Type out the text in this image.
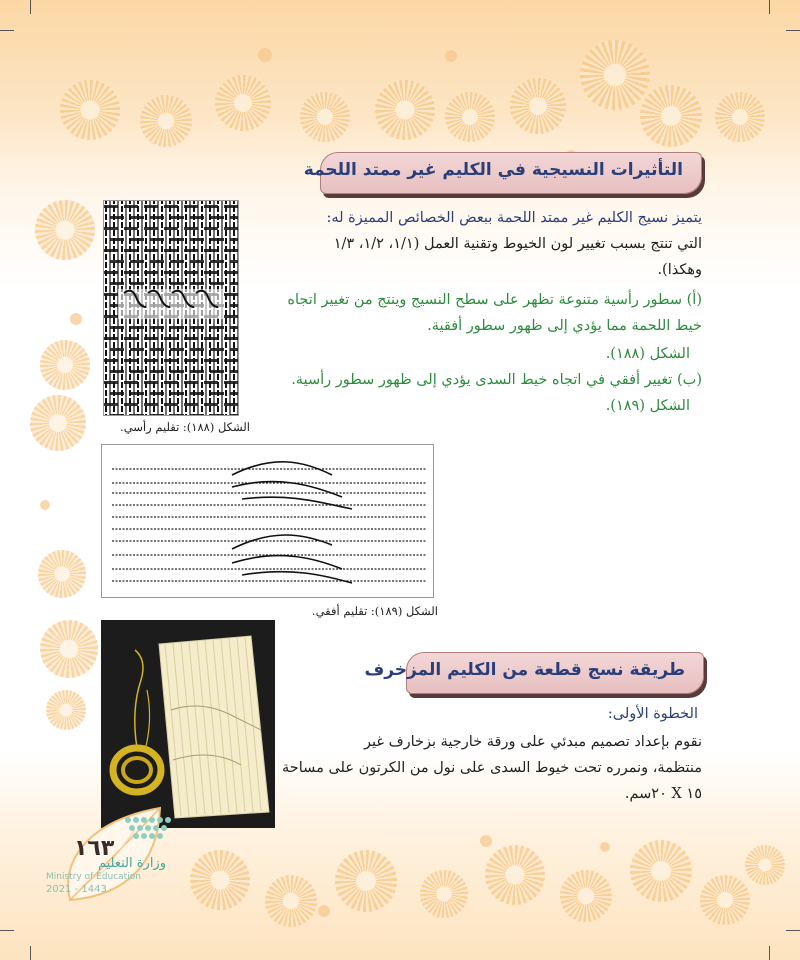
التأثيرات النسيجية في الكليم غير ممتد اللحمة
الشكل (١٨٨): تقليم رأسي.
يتميز نسيج الكليم غير ممتد اللحمة ببعض الخصائص المميزة له:
التي تنتج بسبب تغيير لون الخيوط وتقنية العمل (١/١، ١/٢، ١/٣
وهكذا).
(أ) سطور رأسية متنوعة تظهر على سطح النسيج وينتج من تغيير اتجاه
خيط اللحمة مما يؤدي إلى ظهور سطور أفقية.
الشكل (١٨٨).
(ب) تغيير أفقي في اتجاه خيط السدى يؤدي إلى ظهور سطور رأسية.
الشكل (١٨٩).
الشكل (١٨٩): تقليم أفقي.
طريقة نسج قطعة من الكليم المزخرف
الخطوة الأولى:
نقوم بإعداد تصميم مبدئي على ورقة خارجية بزخارف غير
منتظمة، ونمرره تحت خيوط السدى على نول من الكرتون على مساحة
١٥ X ٢٠سم.
١٦٣
وزارة التعليم
Ministry of Education
2021 - 1443
